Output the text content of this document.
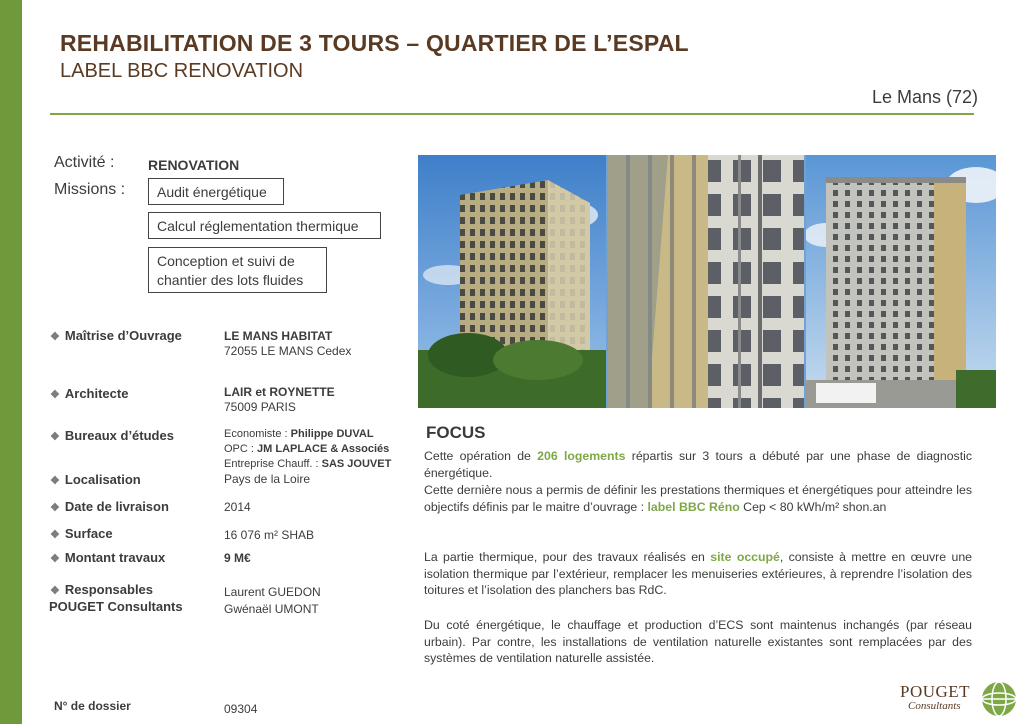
REHABILITATION DE 3 TOURS – QUARTIER DE L’ESPAL
LABEL BBC RENOVATION
Le Mans (72)
Activité : RENOVATION
Missions :	Audit énergétique
Calcul réglementation thermique
Conception et suivi de chantier des lots fluides
❖ Maîtrise d’Ouvrage	LE MANS HABITAT
72055 LE MANS Cedex
❖ Architecte	LAIR et ROYNETTE
75009 PARIS
❖ Bureaux d’études	Economiste : Philippe DUVAL
OPC : JM LAPLACE & Associés
Entreprise Chauff. : SAS JOUVET
❖ Localisation	Pays de la Loire
❖ Date de livraison	2014
❖ Surface	16 076 m² SHAB
❖ Montant travaux	9 M€
❖ Responsables
POUGET Consultants
Laurent GUEDON
Gwénaël UMONT
N° de dossier	09304
FOCUS
Cette opération de 206 logements répartis sur 3 tours a débuté par une phase de diagnostic énergétique.
Cette dernière nous a permis de définir les prestations thermiques et énergétiques pour atteindre les objectifs définis par le maitre d’ouvrage : label BBC Réno Cep < 80 kWh/m² shon.an
La partie thermique, pour des travaux réalisés en site occupé, consiste à mettre en œuvre une isolation thermique par l’extérieur, remplacer les menuiseries extérieures, à reprendre l’isolation des toitures et l’isolation des planchers bas RdC.
Du coté énergétique, le chauffage et production d’ECS sont maintenus inchangés (par réseau urbain). Par contre, les installations de ventilation naturelle existantes sont remplacées par des systèmes de ventilation naturelle assistée.
POUGET
Consultants
